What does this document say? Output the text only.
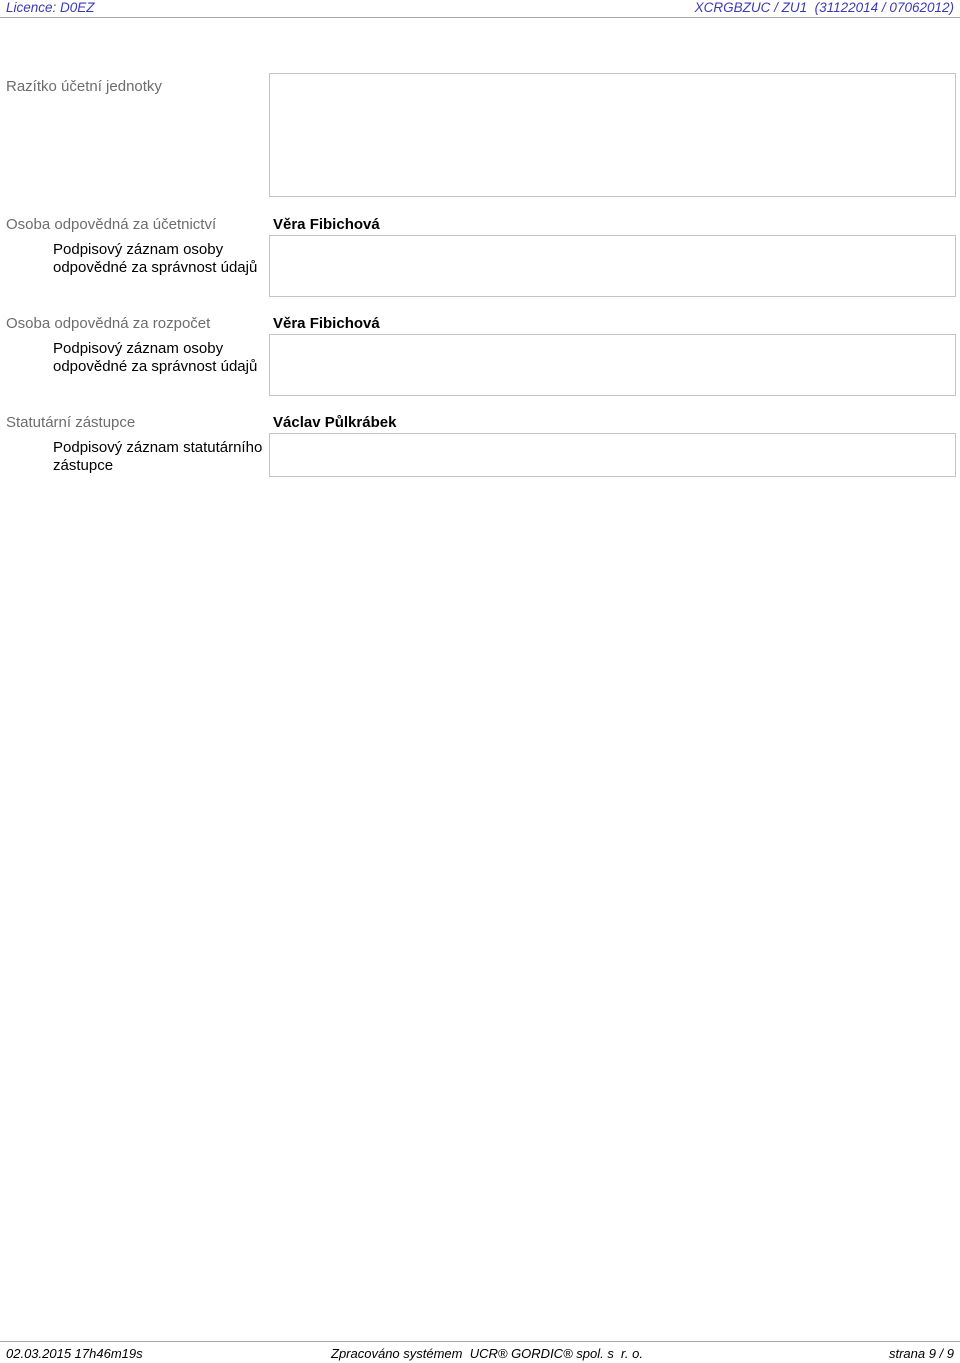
Licence: D0EZ	XCRGBZUC / ZU1  (31122014 / 07062012)
Razítko účetní jednotky
Osoba odpovědná za účetnictví	Věra Fibichová
Podpisový záznam osoby odpovědné za správnost údajů
Osoba odpovědná za rozpočet	Věra Fibichová
Podpisový záznam osoby odpovědné za správnost údajů
Statutární zástupce	Václav Půlkrábek
Podpisový záznam statutárního zástupce
02.03.2015 17h46m19s	Zpracováno systémem  UCR® GORDIC® spol. s  r. o.	strana 9 / 9
